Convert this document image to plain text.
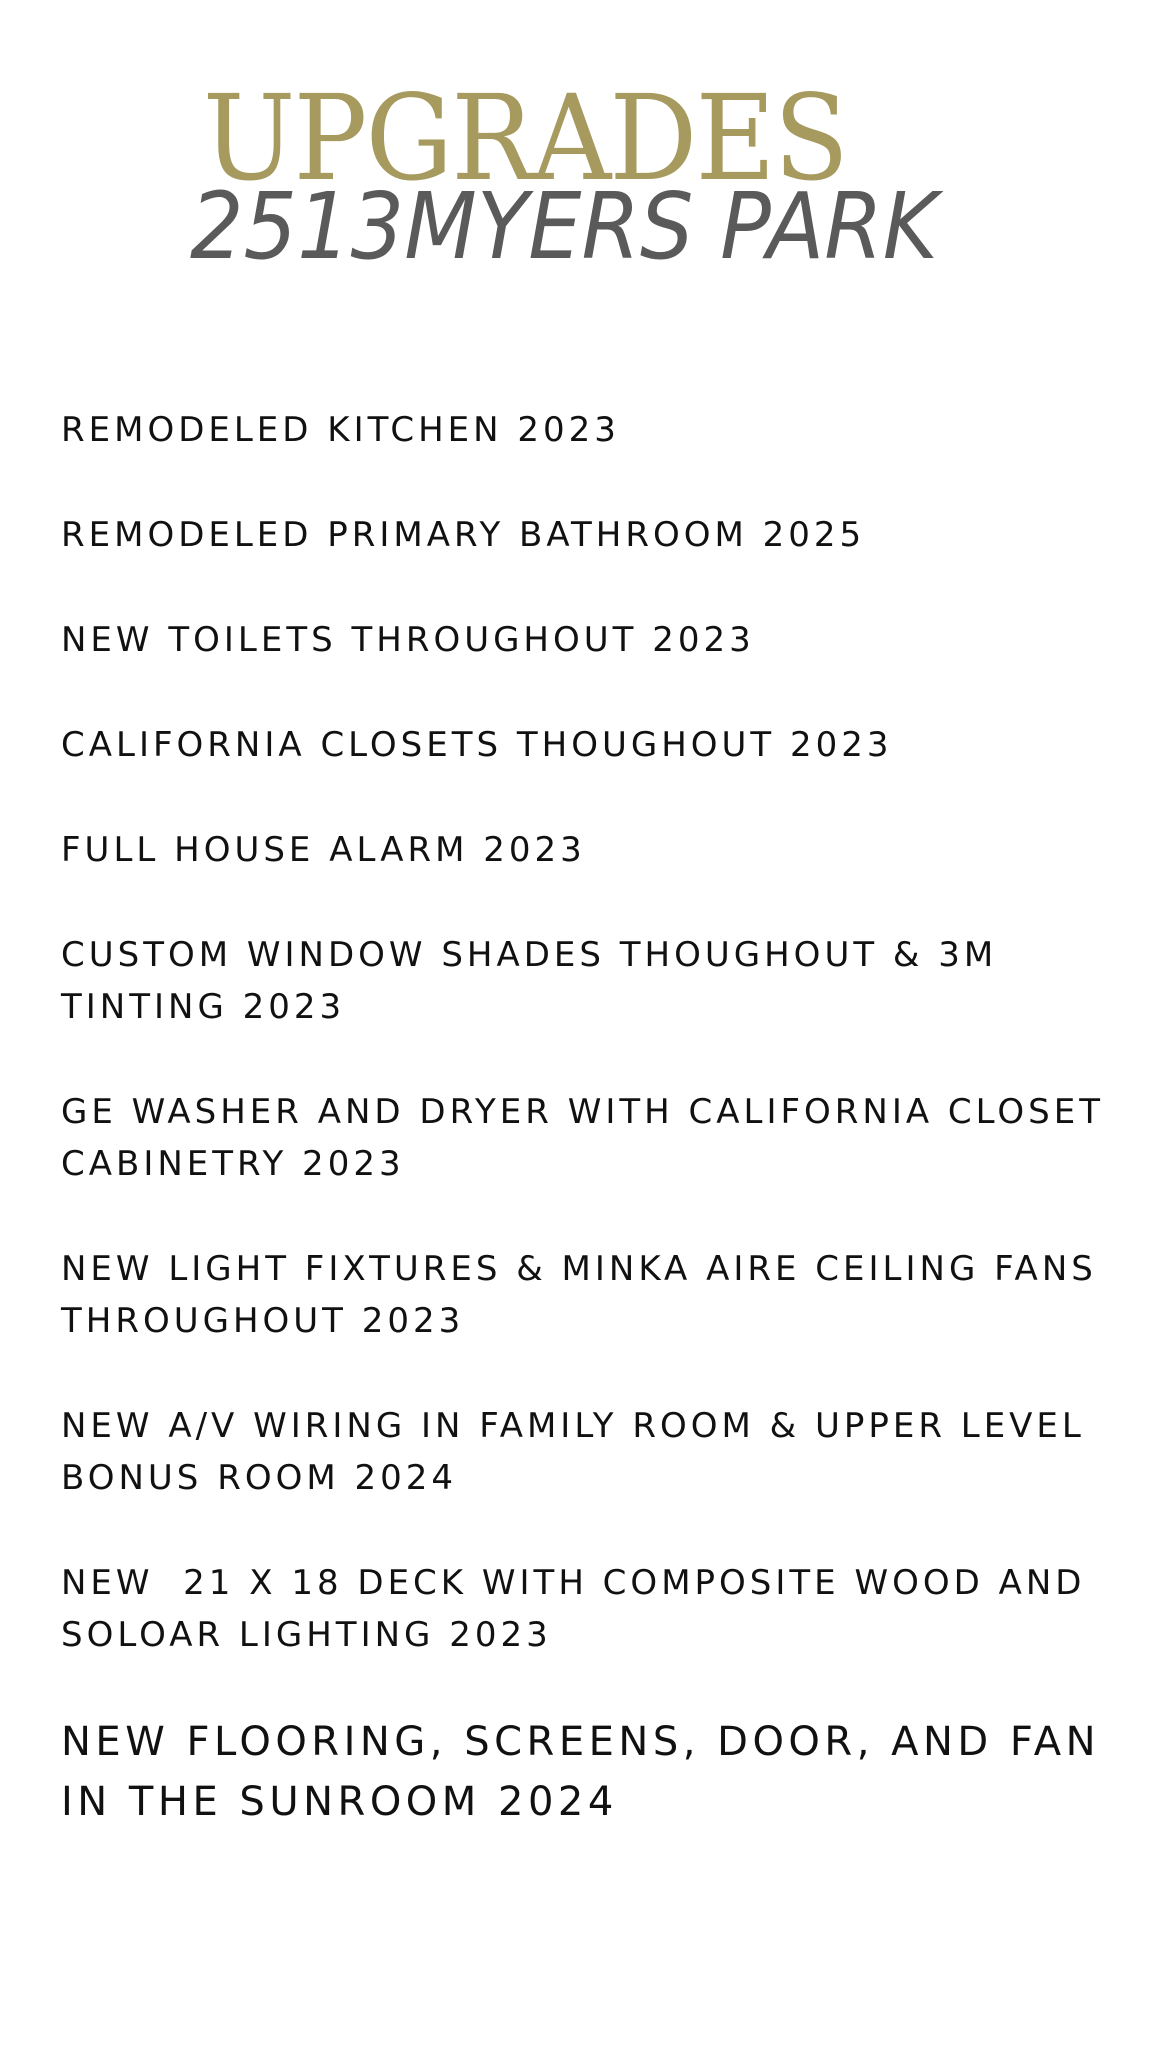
UPGRADES
2513MYERS PARK
REMODELED KITCHEN 2023
REMODELED PRIMARY BATHROOM 2025
NEW TOILETS THROUGHOUT 2023
CALIFORNIA CLOSETS THOUGHOUT 2023
FULL HOUSE ALARM 2023
CUSTOM WINDOW SHADES THOUGHOUT & 3M TINTING 2023
GE WASHER AND DRYER WITH CALIFORNIA CLOSET CABINETRY 2023
NEW LIGHT FIXTURES & MINKA AIRE CEILING FANS THROUGHOUT 2023
NEW A/V WIRING IN FAMILY ROOM & UPPER LEVEL BONUS ROOM 2024
NEW  21 X 18 DECK WITH COMPOSITE WOOD AND SOLOAR LIGHTING 2023
NEW FLOORING, SCREENS, DOOR, AND FAN IN THE SUNROOM 2024
